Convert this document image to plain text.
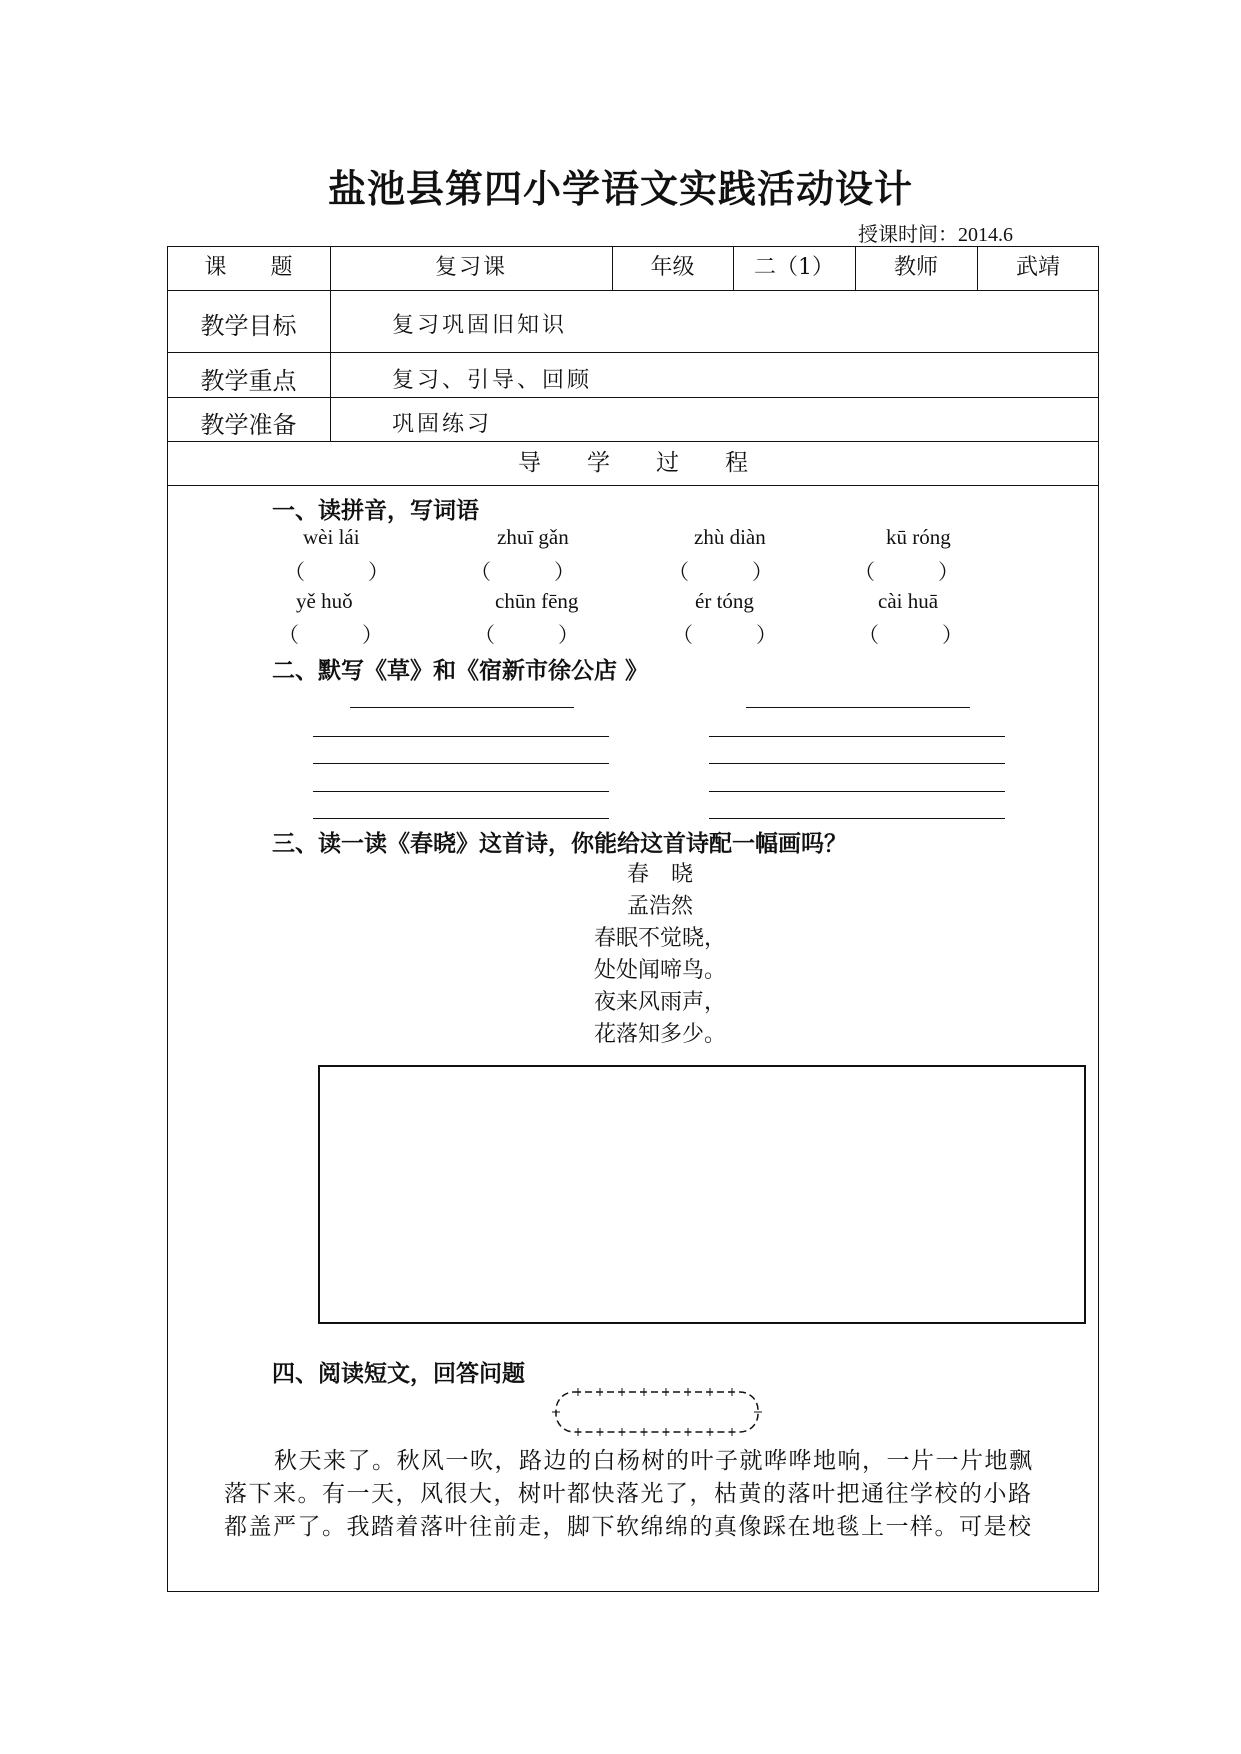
盐池县第四小学语文实践活动设计
授课时间：2014.6
课　　题	复习课	年级	二（1）	教师	武靖
教学目标	复习巩固旧知识
教学重点	复习、引导、回顾
教学准备	巩固练习
导　　学　　过　　程
一、读拼音，写词语
wèi lái	zhuī gǎn	zhù diàn	kū róng
（　　　）	（　　　）	（　　　）	（　　　）
yě huǒ	chūn fēng	ér tóng	cài huā
（　　　）	（　　　）	（　　　）	（　　　）
二、默写《草》和《宿新市徐公店 》
三、读一读《春晓》这首诗，你能给这首诗配一幅画吗？
春　晓
孟浩然
春眠不觉晓，
处处闻啼鸟。
夜来风雨声，
花落知多少。
四、阅读短文，回答问题
秋天来了。秋风一吹，路边的白杨树的叶子就哗哗地响，一片一片地飘
落下来。有一天，风很大，树叶都快落光了，枯黄的落叶把通往学校的小路
都盖严了。我踏着落叶往前走，脚下软绵绵的真像踩在地毯上一样。可是校
